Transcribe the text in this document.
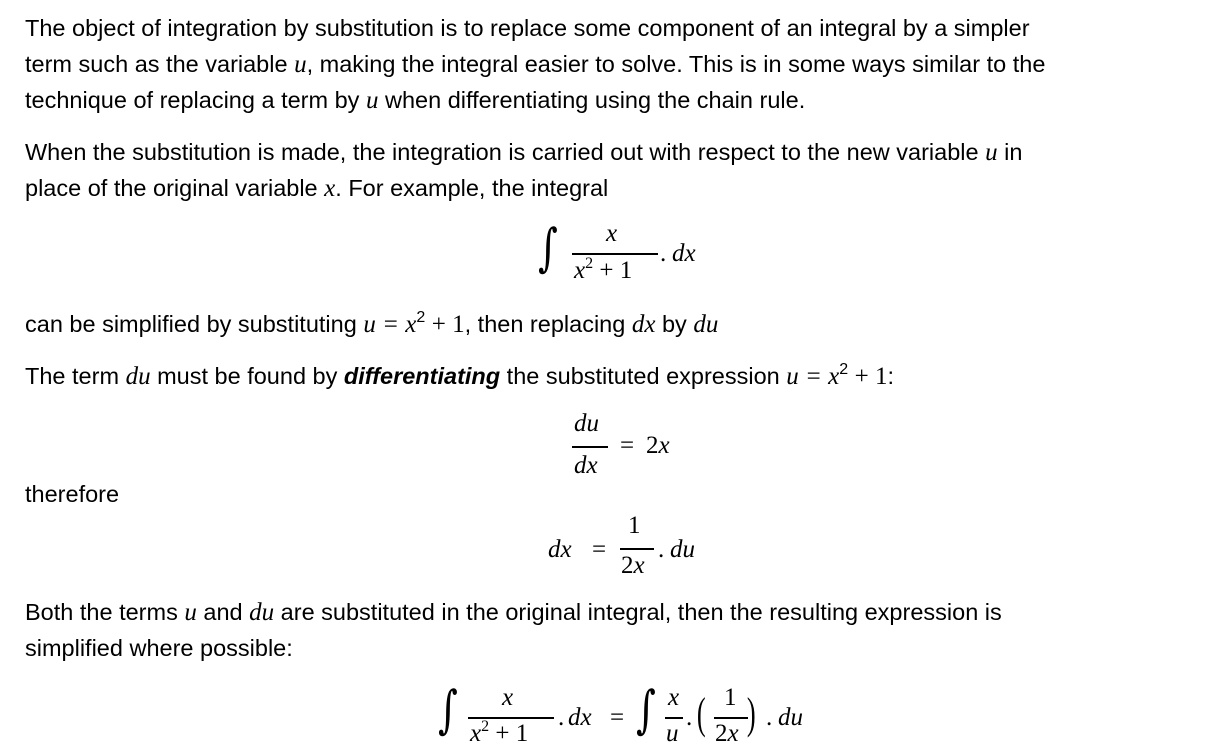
The object of integration by substitution is to replace some component of an integral by a simpler
term such as the variable u, making the integral easier to solve. This is in some ways similar to the
technique of replacing a term by u when differentiating using the chain rule.
When the substitution is made, the integration is carried out with respect to the new variable u in
place of the original variable x. For example, the integral
∫ x
$x^2 + 1$
. dx
can be simplified by substituting $u = x^2 + 1$, then replacing dx by du
The term du must be found by differentiating the substituted expression $u = x^2 + 1$:
du
dx
= 2x
therefore
dx =
1
2x
. du
Both the terms u and du are substituted in the original integral, then the resulting expression is
simplified where possible:
∫ x
$x^2 + 1$
. dx = ∫ x
u
. ( 1
2x ) . du
